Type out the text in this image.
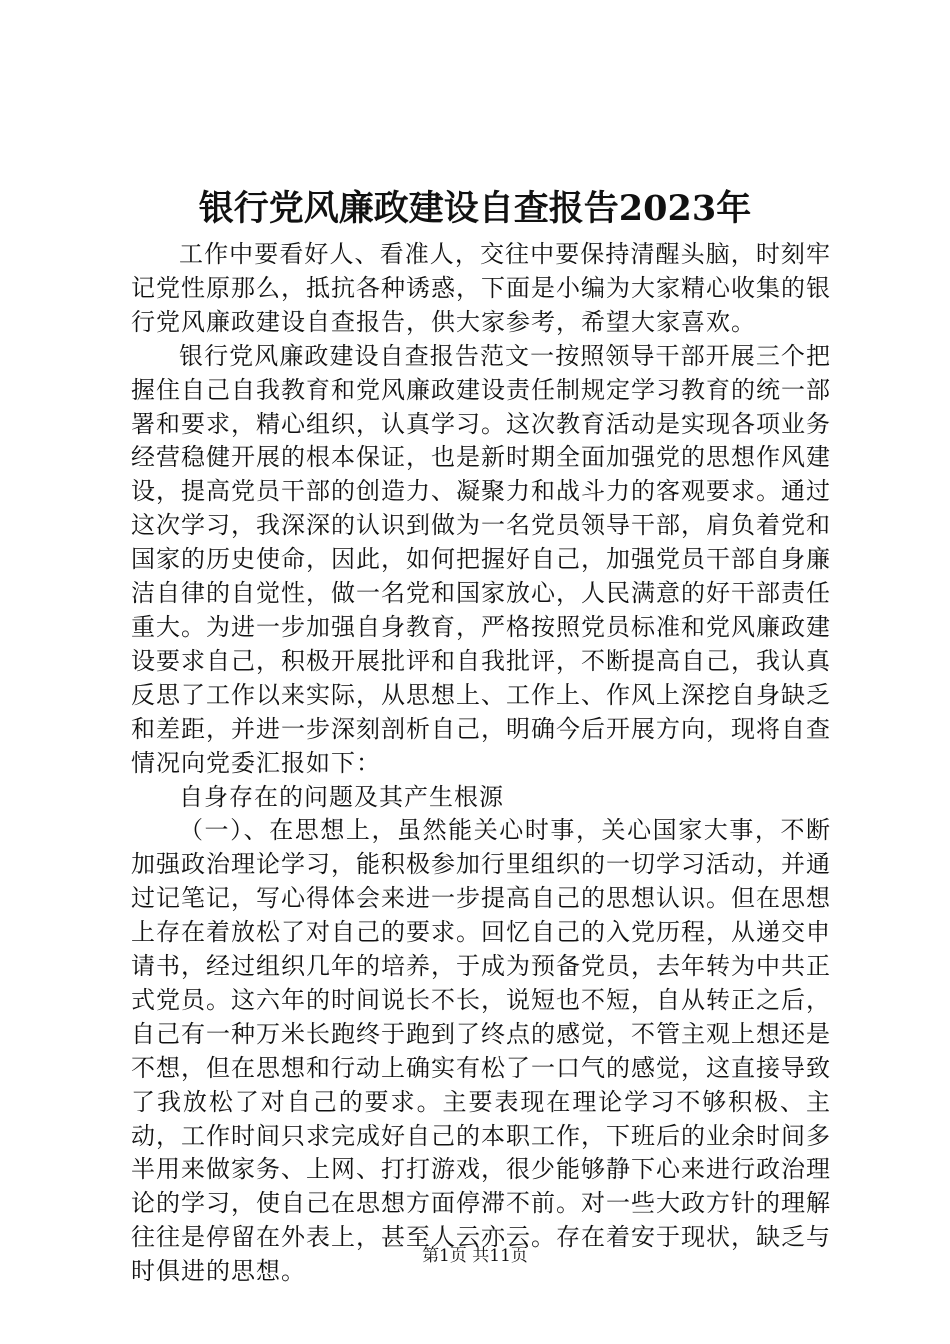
银行党风廉政建设自查报告2023年

工作中要看好人、看准人，交往中要保持清醒头脑，时刻牢记党性原那么，抵抗各种诱惑，下面是小编为大家精心收集的银行党风廉政建设自查报告，供大家参考，希望大家喜欢。

银行党风廉政建设自查报告范文一按照领导干部开展三个把握住自己自我教育和党风廉政建设责任制规定学习教育的统一部署和要求，精心组织，认真学习。这次教育活动是实现各项业务经营稳健开展的根本保证，也是新时期全面加强党的思想作风建设，提高党员干部的创造力、凝聚力和战斗力的客观要求。通过这次学习，我深深的认识到做为一名党员领导干部，肩负着党和国家的历史使命，因此，如何把握好自己，加强党员干部自身廉洁自律的自觉性，做一名党和国家放心，人民满意的好干部责任重大。为进一步加强自身教育，严格按照党员标准和党风廉政建设要求自己，积极开展批评和自我批评，不断提高自己，我认真反思了工作以来实际，从思想上、工作上、作风上深挖自身缺乏和差距，并进一步深刻剖析自己，明确今后开展方向，现将自查情况向党委汇报如下：

自身存在的问题及其产生根源

（一）、在思想上，虽然能关心时事，关心国家大事，不断加强政治理论学习，能积极参加行里组织的一切学习活动，并通过记笔记，写心得体会来进一步提高自己的思想认识。但在思想上存在着放松了对自己的要求。回忆自己的入党历程，从递交申请书，经过组织几年的培养，于成为预备党员，去年转为中共正式党员。这六年的时间说长不长，说短也不短，自从转正之后，自己有一种万米长跑终于跑到了终点的感觉，不管主观上想还是不想，但在思想和行动上确实有松了一口气的感觉，这直接导致了我放松了对自己的要求。主要表现在理论学习不够积极、主动，工作时间只求完成好自己的本职工作，下班后的业余时间多半用来做家务、上网、打打游戏，很少能够静下心来进行政治理论的学习，使自己在思想方面停滞不前。对一些大政方针的理解往往是停留在外表上，甚至人云亦云。存在着安于现状，缺乏与时俱进的思想。

第1页 共11页
